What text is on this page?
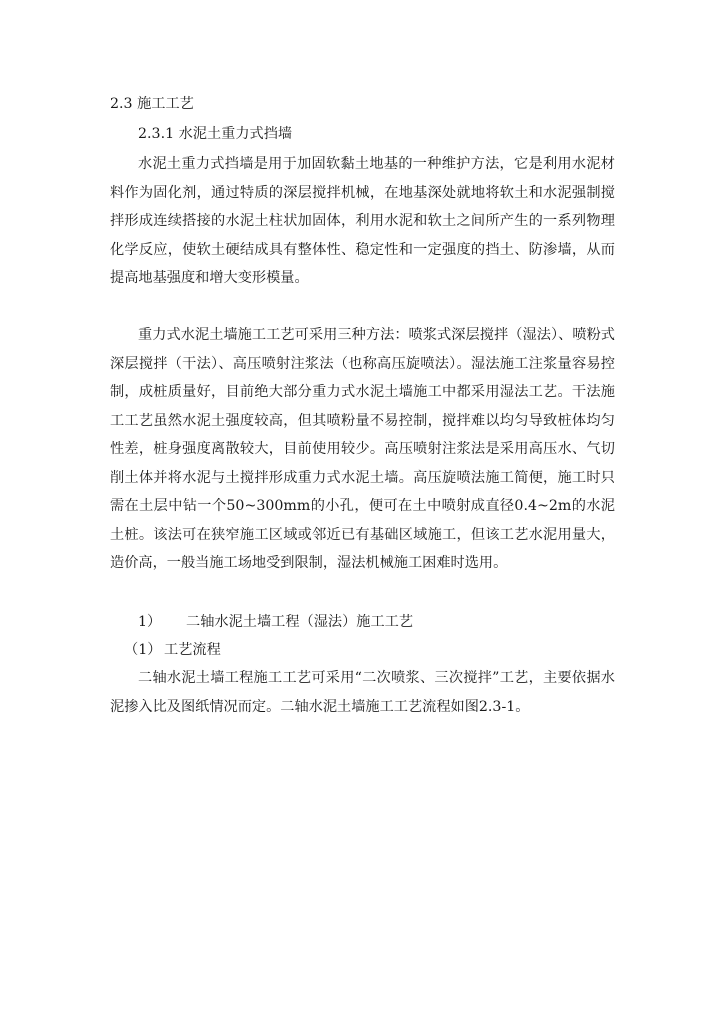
2.3 施工工艺
2.3.1 水泥土重力式挡墙

水泥土重力式挡墙是用于加固软黏土地基的一种维护方法，它是利用水泥材料作为固化剂，通过特质的深层搅拌机械，在地基深处就地将软土和水泥强制搅拌形成连续搭接的水泥土柱状加固体，利用水泥和软土之间所产生的一系列物理化学反应，使软土硬结成具有整体性、稳定性和一定强度的挡土、防渗墙，从而提高地基强度和增大变形模量。

重力式水泥土墙施工工艺可采用三种方法：喷浆式深层搅拌（湿法）、喷粉式深层搅拌（干法）、高压喷射注浆法（也称高压旋喷法）。湿法施工注浆量容易控制，成桩质量好，目前绝大部分重力式水泥土墙施工中都采用湿法工艺。干法施工工艺虽然水泥土强度较高，但其喷粉量不易控制，搅拌难以均匀导致桩体均匀性差，桩身强度离散较大，目前使用较少。高压喷射注浆法是采用高压水、气切削土体并将水泥与土搅拌形成重力式水泥土墙。高压旋喷法施工简便，施工时只需在土层中钻一个50~300mm的小孔，便可在土中喷射成直径0.4~2m的水泥土桩。该法可在狭窄施工区域或邻近已有基础区域施工，但该工艺水泥用量大，造价高，一般当施工场地受到限制，湿法机械施工困难时选用。

1） 二轴水泥土墙工程（湿法）施工工艺
（1） 工艺流程

二轴水泥土墙工程施工工艺可采用“二次喷浆、三次搅拌”工艺，主要依据水泥掺入比及图纸情况而定。二轴水泥土墙施工工艺流程如图2.3-1。
